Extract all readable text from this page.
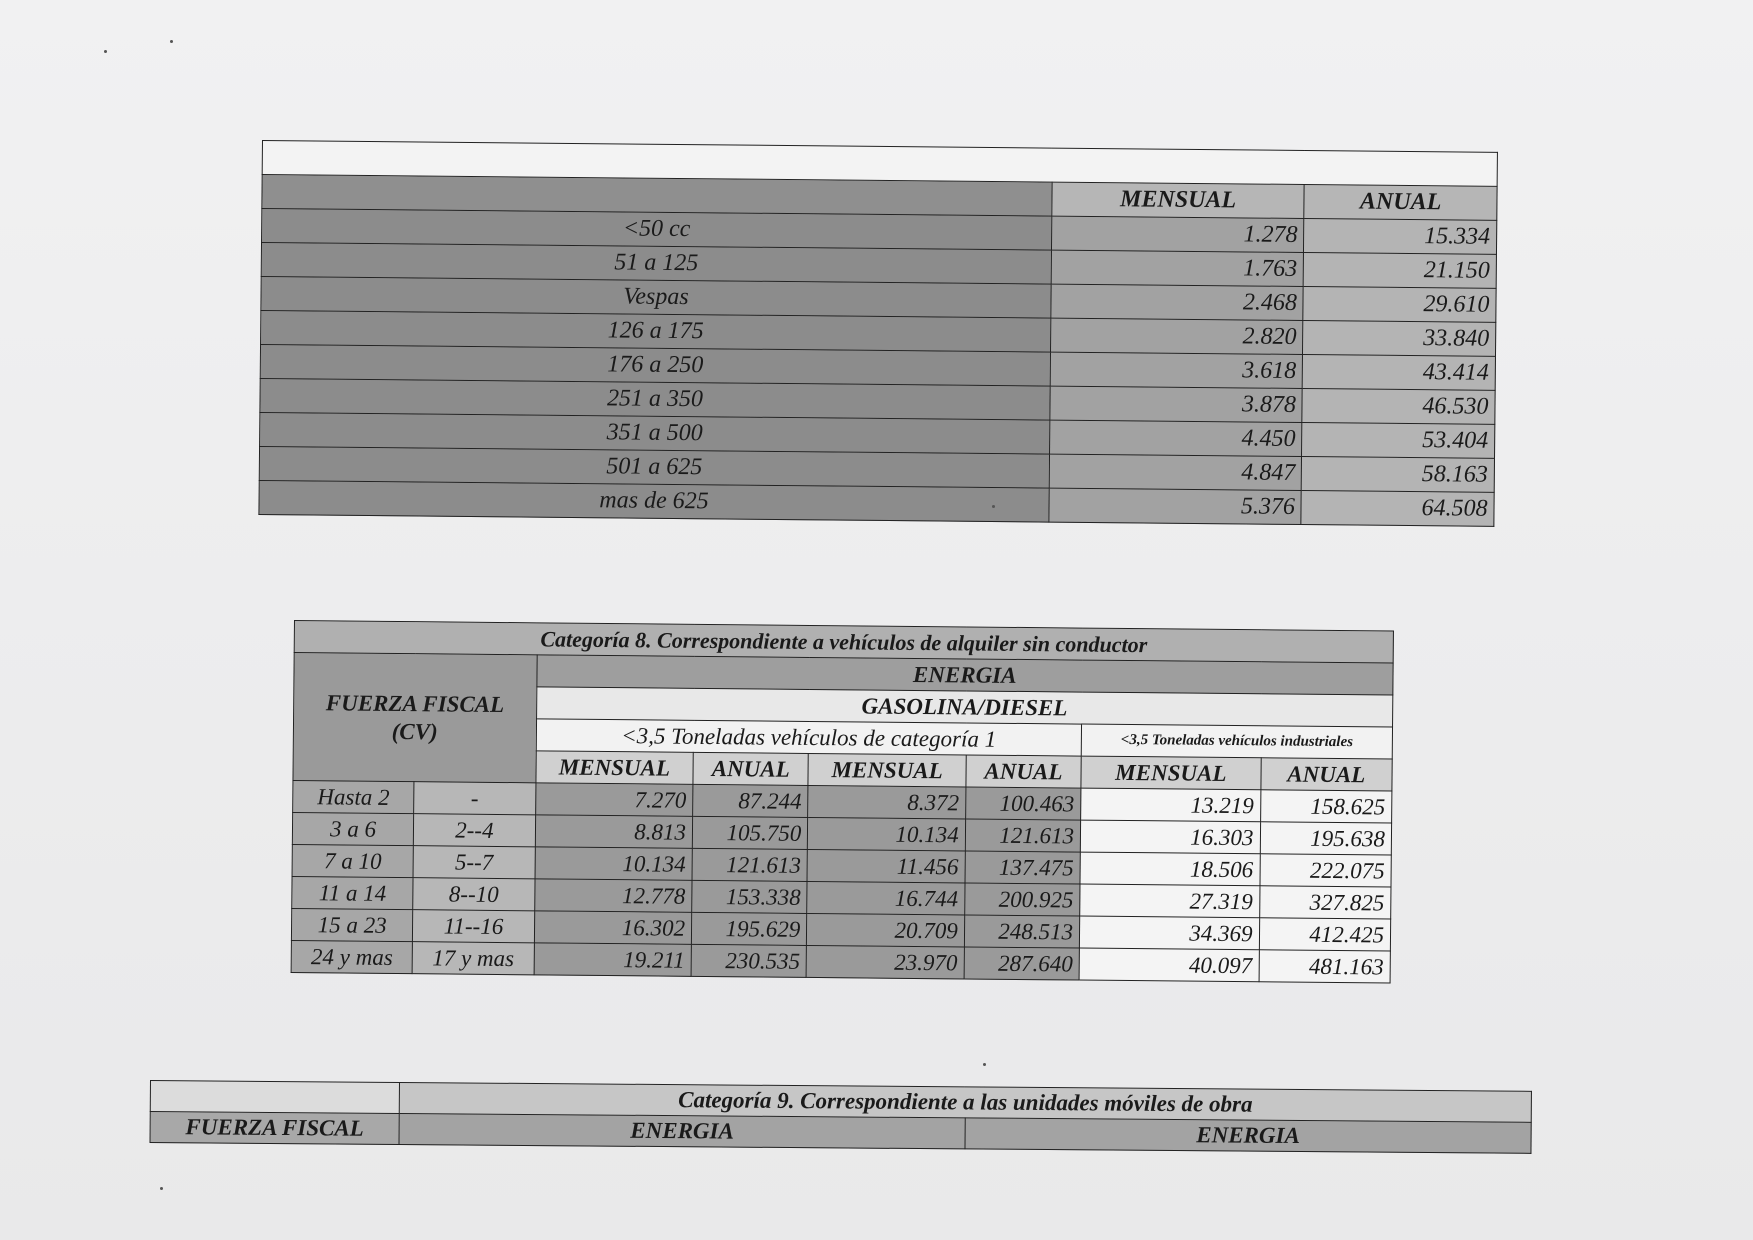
	MENSUAL	ANUAL
<50 cc	1.278	15.334
51 a 125	1.763	21.150
Vespas	2.468	29.610
126 a 175	2.820	33.840
176 a 250	3.618	43.414
251 a 350	3.878	46.530
351 a 500	4.450	53.404
501 a 625	4.847	58.163
mas de 625	5.376	64.508
Categoría 8. Correspondiente a vehículos de alquiler sin conductor							
FUERZA FISCAL
(CV)		ENERGIA					
		GASOLINA/DIESEL					
		<3,5 Toneladas vehículos de categoría 1				<3,5 Toneladas vehículos industriales	
		MENSUAL	ANUAL	MENSUAL	ANUAL	MENSUAL	ANUAL
Hasta 2	-	7.270	87.244	8.372	100.463	13.219	158.625
3 a 6	2--4	8.813	105.750	10.134	121.613	16.303	195.638
7 a 10	5--7	10.134	121.613	11.456	137.475	18.506	222.075
11 a 14	8--10	12.778	153.338	16.744	200.925	27.319	327.825
15 a 23	11--16	16.302	195.629	20.709	248.513	34.369	412.425
24 y mas	17 y mas	19.211	230.535	23.970	287.640	40.097	481.163
	Categoría 9. Correspondiente a las unidades móviles de obra	
FUERZA FISCAL	ENERGIA	ENERGIA
